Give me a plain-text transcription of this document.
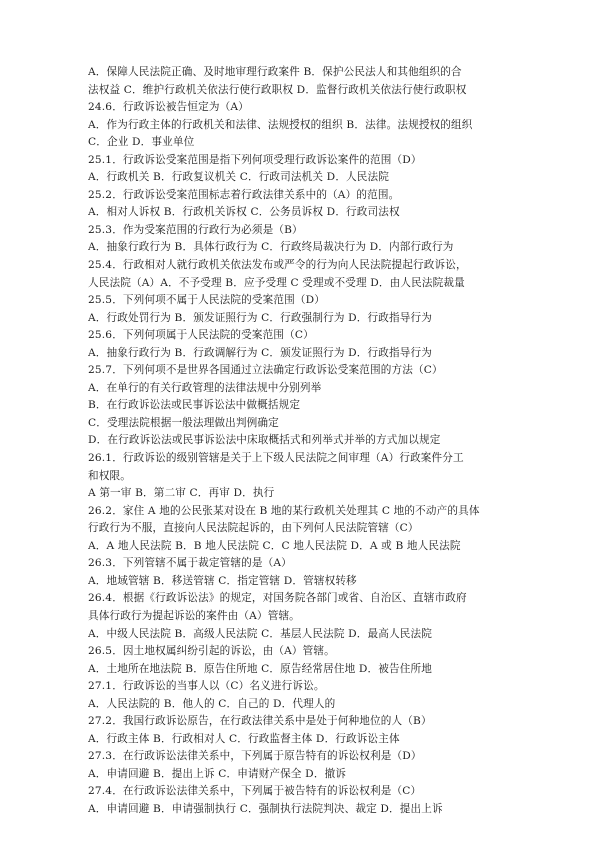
A．保障人民法院正确、及时地审理行政案件 B．保护公民法人和其他组织的合
法权益 C．维护行政机关依法行使行政职权 D．监督行政机关依法行使行政职权
24.6．行政诉讼被告恒定为（A）
A．作为行政主体的行政机关和法律、法规授权的组织 B．法律。法规授权的组织
C．企业 D．事业单位
25.1．行政诉讼受案范围是指下列何项受理行政诉讼案件的范围（D）
A．行政机关 B．行政复议机关 C．行政司法机关 D．人民法院
25.2．行政诉讼受案范围标志着行政法律关系中的（A）的范围。
A．相对人诉权 B．行政机关诉权 C．公务员诉权 D．行政司法权
25.3．作为受案范围的行政行为必须是（B）
A．抽象行政行为 B．具体行政行为 C．行政终局裁决行为 D．内部行政行为
25.4．行政相对人就行政机关依法发布或严令的行为向人民法院提起行政诉讼，
人民法院（A）A．不予受理 B．应予受理 C 受理或不受理 D．由人民法院裁量
25.5．下列何项不属于人民法院的受案范围（D）
A．行政处罚行为 B．颁发证照行为 C．行政强制行为 D．行政指导行为
25.6．下列何项属于人民法院的受案范围（C）
A．抽象行政行为 B．行政调解行为 C．颁发证照行为 D．行政指导行为
25.7．下列何项不是世界各国通过立法确定行政诉讼受案范围的方法（C）
A．在单行的有关行政管理的法律法规中分别列举
B．在行政诉讼法或民事诉讼法中做概括规定
C．受理法院根据一般法理做出判例确定
D．在行政诉讼法或民事诉讼法中床取概括式和列举式并举的方式加以规定
26.1．行政诉讼的级别管辖是关于上下级人民法院之间审理（A）行政案件分工
和权限。
A 第一审 B．第二审 C．再审 D．执行
26.2．家住 A 地的公民张某对设在 B 地的某行政机关处理其 C 地的不动产的具体
行政行为不服，直接向人民法院起诉的，由下列何人民法院管辖（C）
A．A 地人民法院 B．B 地人民法院 C．C 地人民法院 D．A 或 B 地人民法院
26.3．下列管辖不属于裁定管辖的是（A）
A．地域管辖 B．移送管辖 C．指定管辖 D．管辖权转移
26.4．根据《行政诉讼法》的规定，对国务院各部门或省、自治区、直辖市政府
具体行政行为提起诉讼的案件由（A）管辖。
A．中级人民法院 B．高级人民法院 C．基层人民法院 D．最高人民法院
26.5．因土地权属纠纷引起的诉讼，由（A）管辖。
A．土地所在地法院 B．原告住所地 C．原告经常居住地 D．被告住所地
27.1．行政诉讼的当事人以（C）名义进行诉讼。
A．人民法院的 B．他人的 C．自己的 D．代理人的
27.2．我国行政诉讼原告，在行政法律关系中是处于何种地位的人（B）
A．行政主体 B．行政相对人 C．行政监督主体 D．行政诉讼主体
27.3．在行政诉讼法律关系中，下列属于原告特有的诉讼权利是（D）
A．申请回避 B．提出上诉 C．申请财产保全 D．撤诉
27.4．在行政诉讼法律关系中，下列属于被告特有的诉讼权利是（C）
A．申请回避 B．申请强制执行 C．强制执行法院判决、裁定 D．提出上诉
